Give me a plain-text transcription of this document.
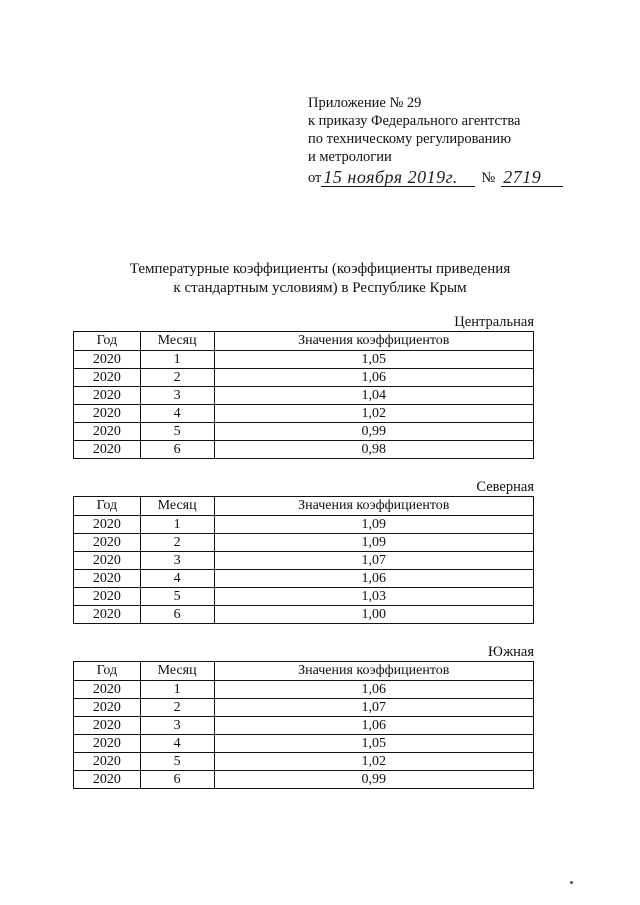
Приложение № 29
к приказу Федерального агентства
по техническому регулированию
и метрологии
от 15 ноября 2019г.	№ 2719
Температурные коэффициенты (коэффициенты приведения
к стандартным условиям) в Республике Крым
Центральная
Год	Месяц	Значения коэффициентов
2020	1	1,05
2020	2	1,06
2020	3	1,04
2020	4	1,02
2020	5	0,99
2020	6	0,98
Северная
Год	Месяц	Значения коэффициентов
2020	1	1,09
2020	2	1,09
2020	3	1,07
2020	4	1,06
2020	5	1,03
2020	6	1,00
Южная
Год	Месяц	Значения коэффициентов
2020	1	1,06
2020	2	1,07
2020	3	1,06
2020	4	1,05
2020	5	1,02
2020	6	0,99
